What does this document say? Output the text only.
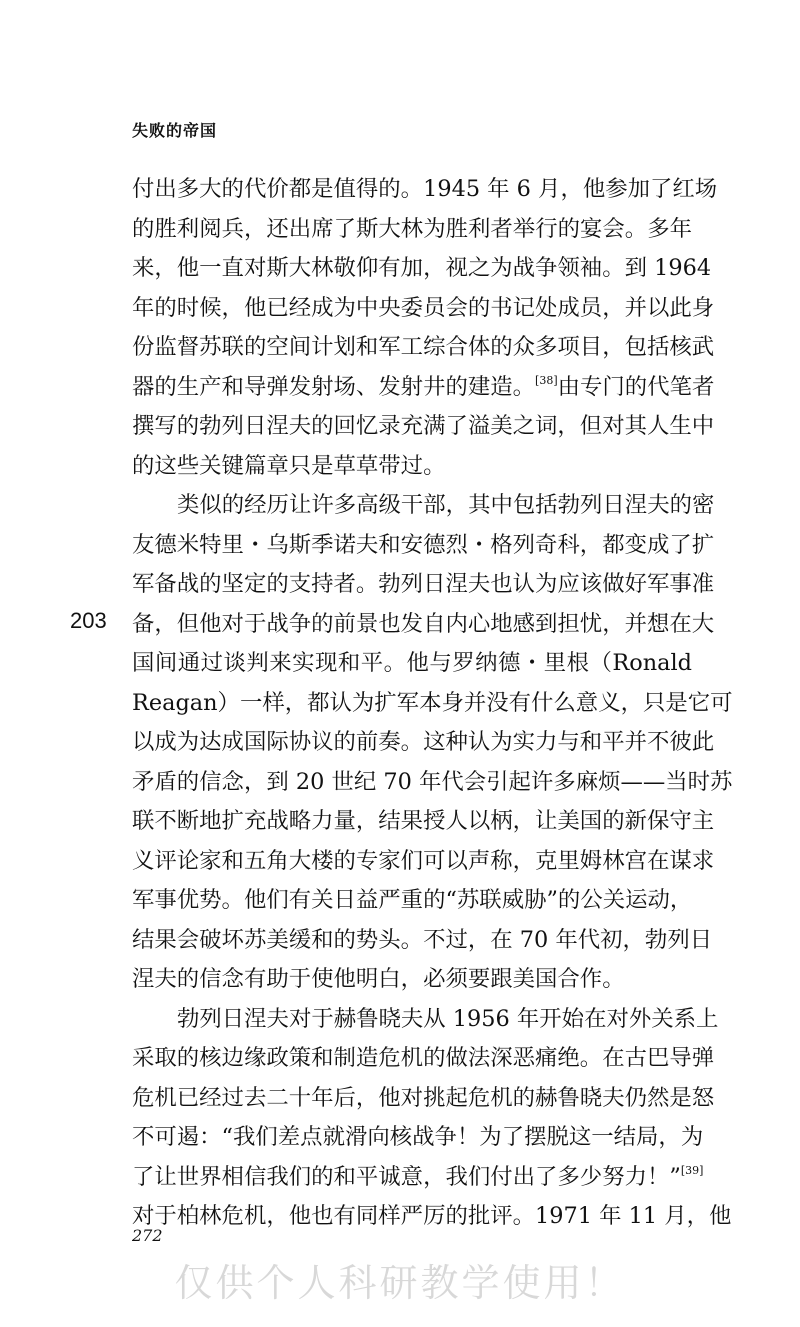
失败的帝国
203

付出多大的代价都是值得的。1945 年 6 月，他参加了红场
的胜利阅兵，还出席了斯大林为胜利者举行的宴会。多年
来，他一直对斯大林敬仰有加，视之为战争领袖。到 1964
年的时候，他已经成为中央委员会的书记处成员，并以此身
份监督苏联的空间计划和军工综合体的众多项目，包括核武
器的生产和导弹发射场、发射井的建造。[38]由专门的代笔者
撰写的勃列日涅夫的回忆录充满了溢美之词，但对其人生中
的这些关键篇章只是草草带过。

类似的经历让许多高级干部，其中包括勃列日涅夫的密
友德米特里・乌斯季诺夫和安德烈・格列奇科，都变成了扩
军备战的坚定的支持者。勃列日涅夫也认为应该做好军事准
备，但他对于战争的前景也发自内心地感到担忧，并想在大
国间通过谈判来实现和平。他与罗纳德・里根（Ronald
Reagan）一样，都认为扩军本身并没有什么意义，只是它可
以成为达成国际协议的前奏。这种认为实力与和平并不彼此
矛盾的信念，到 20 世纪 70 年代会引起许多麻烦——当时苏
联不断地扩充战略力量，结果授人以柄，让美国的新保守主
义评论家和五角大楼的专家们可以声称，克里姆林宫在谋求
军事优势。他们有关日益严重的“苏联威胁”的公关运动，
结果会破坏苏美缓和的势头。不过，在 70 年代初，勃列日
涅夫的信念有助于使他明白，必须要跟美国合作。

勃列日涅夫对于赫鲁晓夫从 1956 年开始在对外关系上
采取的核边缘政策和制造危机的做法深恶痛绝。在古巴导弹
危机已经过去二十年后，他对挑起危机的赫鲁晓夫仍然是怒
不可遏：“我们差点就滑向核战争！为了摆脱这一结局，为
了让世界相信我们的和平诚意，我们付出了多少努力！”[39]
对于柏林危机，他也有同样严厉的批评。1971 年 11 月，他

272
仅供个人科研教学使用！
